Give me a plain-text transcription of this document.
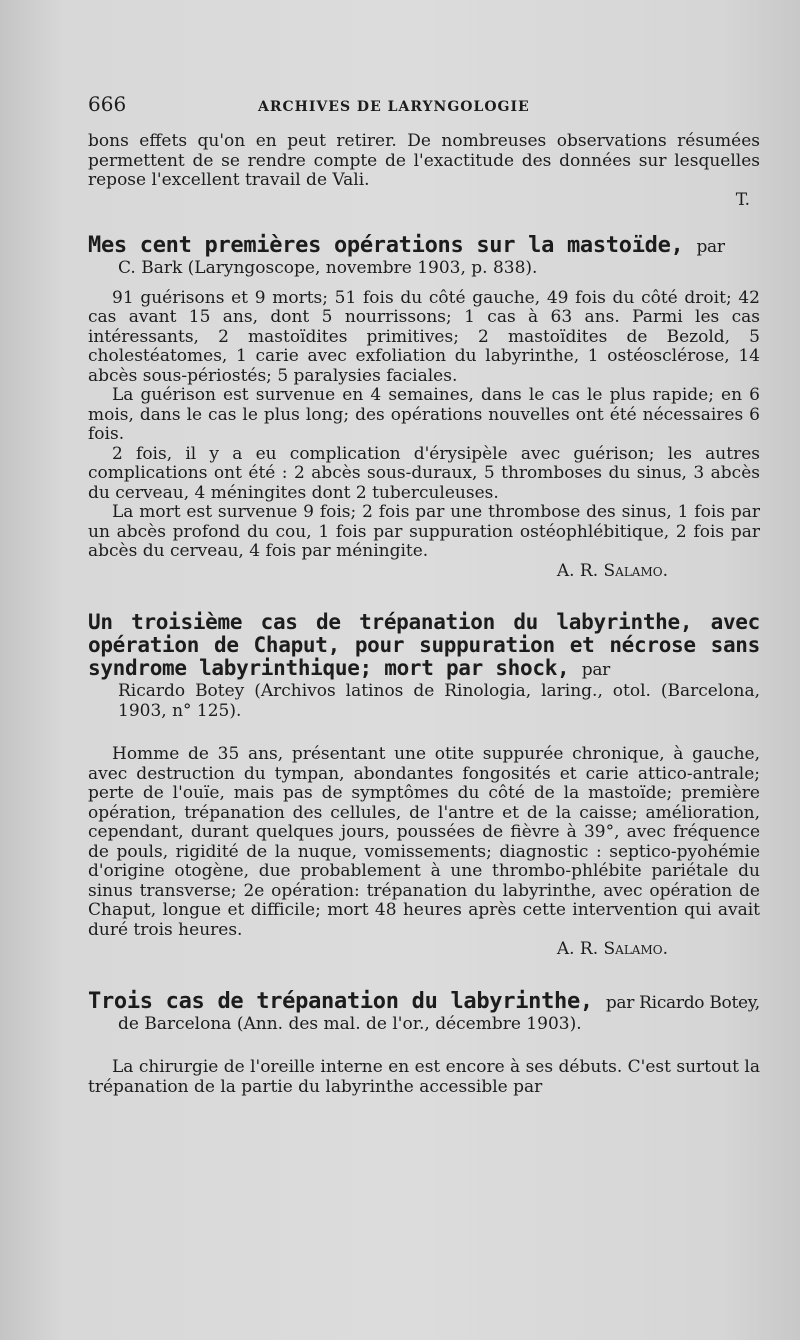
666	ARCHIVES DE LARYNGOLOGIE

bons effets qu'on en peut retirer. De nombreuses observations résumées permettent de se rendre compte de l'exactitude des données sur lesquelles repose l'excellent travail de Vali.

T.

Mes cent premières opérations sur la mastoïde, par

C. Bark (Laryngoscope, novembre 1903, p. 838).

91 guérisons et 9 morts; 51 fois du côté gauche, 49 fois du côté droit; 42 cas avant 15 ans, dont 5 nourrissons; 1 cas à 63 ans. Parmi les cas intéressants, 2 mastoïdites primitives; 2 mastoïdites de Bezold, 5 cholestéatomes, 1 carie avec exfoliation du labyrinthe, 1 ostéosclérose, 14 abcès sous-périostés; 5 paralysies faciales.

La guérison est survenue en 4 semaines, dans le cas le plus rapide; en 6 mois, dans le cas le plus long; des opérations nouvelles ont été nécessaires 6 fois.

2 fois, il y a eu complication d'érysipèle avec guérison; les autres complications ont été : 2 abcès sous-duraux, 5 thromboses du sinus, 3 abcès du cerveau, 4 méningites dont 2 tuberculeuses.

La mort est survenue 9 fois; 2 fois par une thrombose des sinus, 1 fois par un abcès profond du cou, 1 fois par suppuration ostéophlébitique, 2 fois par abcès du cerveau, 4 fois par méningite.

A. R. Salamo.

Un troisième cas de trépanation du labyrinthe, avec opération de Chaput, pour suppuration et nécrose sans syndrome labyrinthique; mort par shock, par

Ricardo Botey (Archivos latinos de Rinologia, laring., otol. (Barcelona, 1903, n° 125).

Homme de 35 ans, présentant une otite suppurée chronique, à gauche, avec destruction du tympan, abondantes fongosités et carie attico-antrale; perte de l'ouïe, mais pas de symptômes du côté de la mastoïde; première opération, trépanation des cellules, de l'antre et de la caisse; amélioration, cependant, durant quelques jours, poussées de fièvre à 39°, avec fréquence de pouls, rigidité de la nuque, vomissements; diagnostic : septico-pyohémie d'origine otogène, due probablement à une thrombo-phlébite pariétale du sinus transverse; 2e opération: trépanation du labyrinthe, avec opération de Chaput, longue et difficile; mort 48 heures après cette intervention qui avait duré trois heures.

A. R. Salamo.

Trois cas de trépanation du labyrinthe, par Ricardo Botey,

de Barcelona (Ann. des mal. de l'or., décembre 1903).

La chirurgie de l'oreille interne en est encore à ses débuts. C'est surtout la trépanation de la partie du labyrinthe accessible par
